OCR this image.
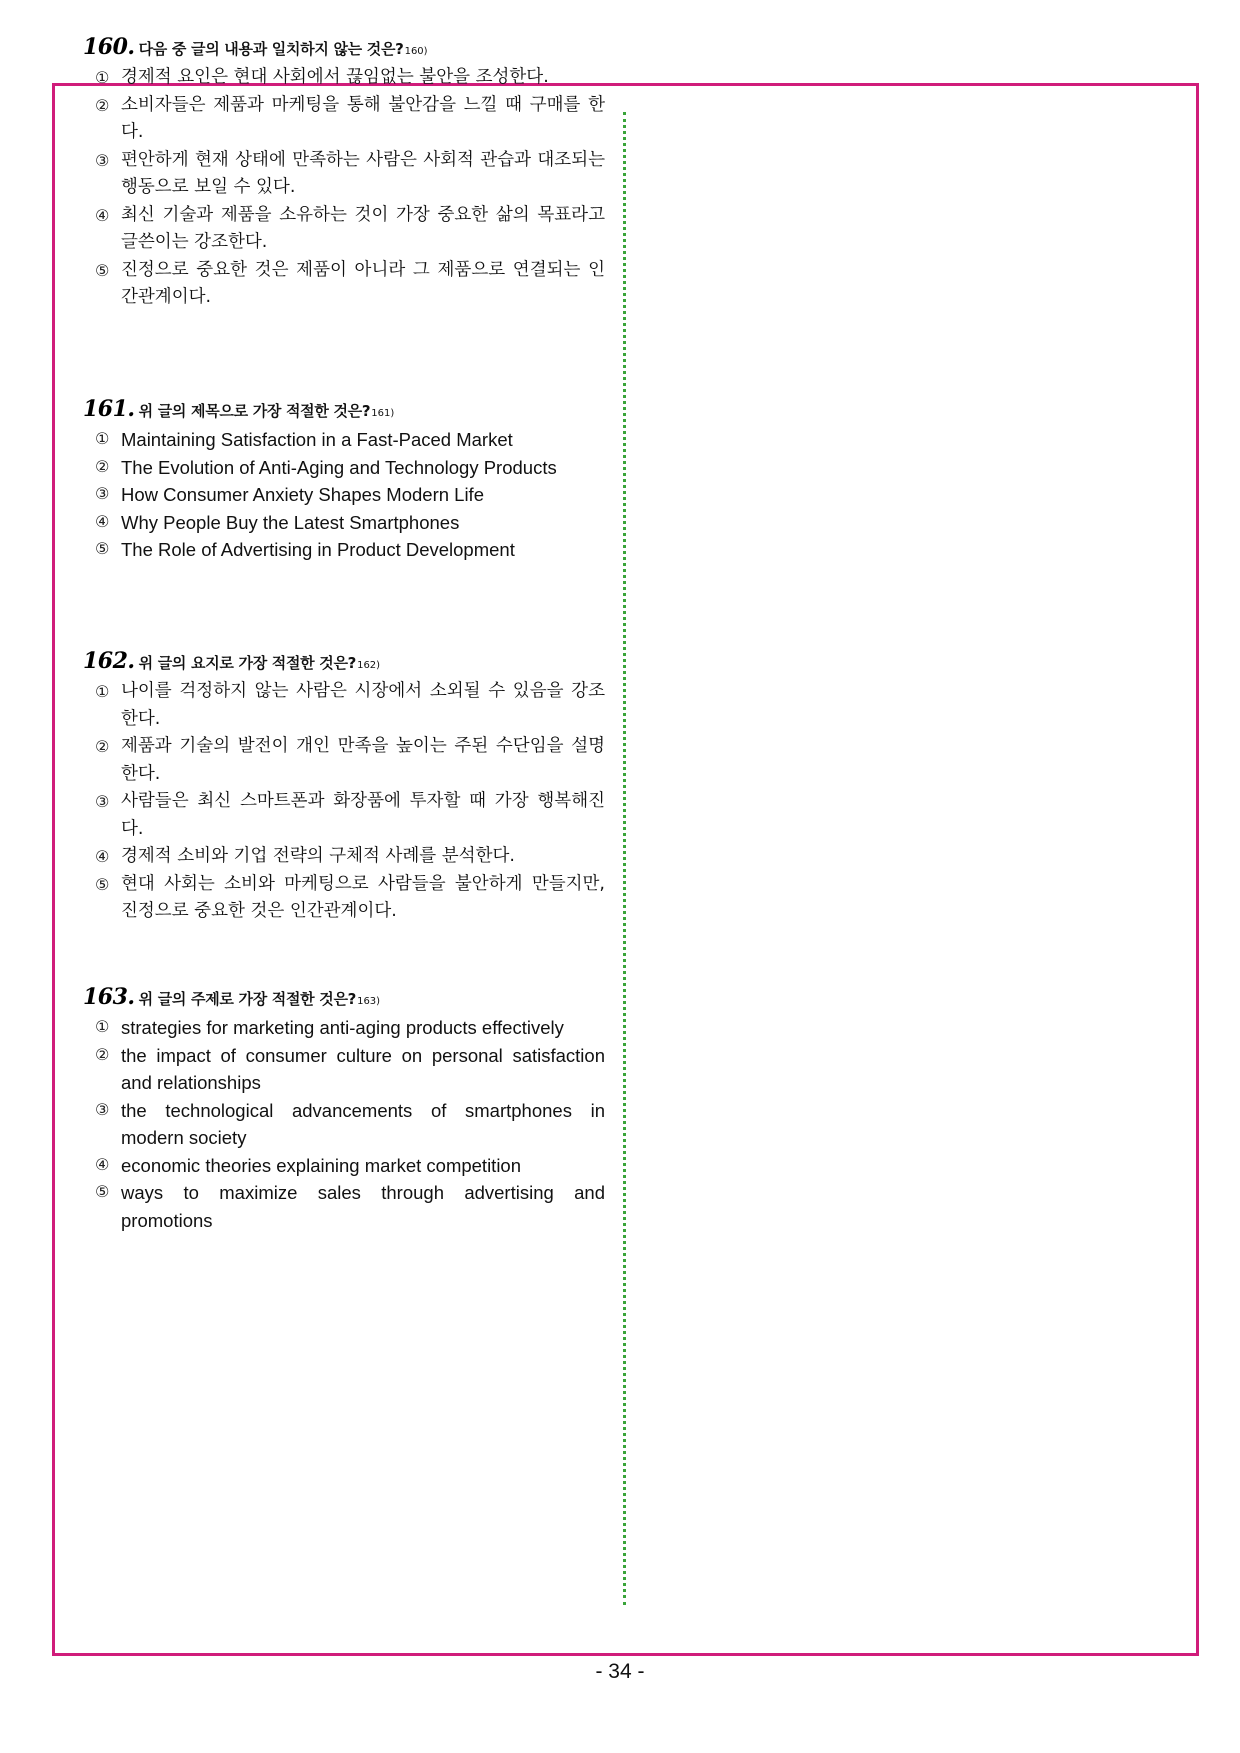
160. 다음 중 글의 내용과 일치하지 않는 것은? 160)
① 경제적 요인은 현대 사회에서 끊임없는 불안을 조성한다.
② 소비자들은 제품과 마케팅을 통해 불안감을 느낄 때 구매를 한다.
③ 편안하게 현재 상태에 만족하는 사람은 사회적 관습과 대조되는 행동으로 보일 수 있다.
④ 최신 기술과 제품을 소유하는 것이 가장 중요한 삶의 목표라고 글쓴이는 강조한다.
⑤ 진정으로 중요한 것은 제품이 아니라 그 제품으로 연결되는 인간관계이다.
161. 위 글의 제목으로 가장 적절한 것은? 161)
① Maintaining Satisfaction in a Fast-Paced Market
② The Evolution of Anti-Aging and Technology Products
③ How Consumer Anxiety Shapes Modern Life
④ Why People Buy the Latest Smartphones
⑤ The Role of Advertising in Product Development
162. 위 글의 요지로 가장 적절한 것은? 162)
① 나이를 걱정하지 않는 사람은 시장에서 소외될 수 있음을 강조한다.
② 제품과 기술의 발전이 개인 만족을 높이는 주된 수단임을 설명한다.
③ 사람들은 최신 스마트폰과 화장품에 투자할 때 가장 행복해진다.
④ 경제적 소비와 기업 전략의 구체적 사례를 분석한다.
⑤ 현대 사회는 소비와 마케팅으로 사람들을 불안하게 만들지만, 진정으로 중요한 것은 인간관계이다.
163. 위 글의 주제로 가장 적절한 것은? 163)
① strategies for marketing anti-aging products effectively
② the impact of consumer culture on personal satisfaction and relationships
③ the technological advancements of smartphones in modern society
④ economic theories explaining market competition
⑤ ways to maximize sales through advertising and promotions
- 34 -
